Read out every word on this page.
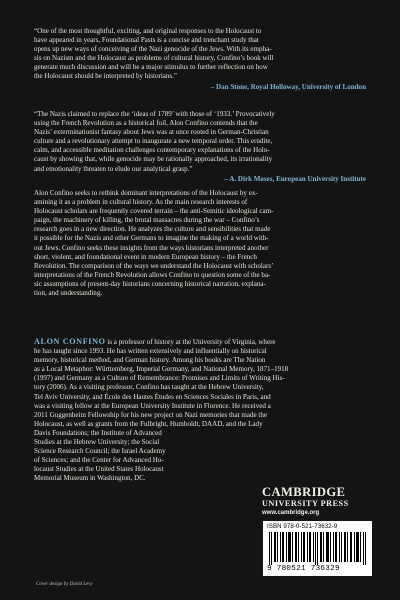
“One of the most thoughtful, exciting, and original responses to the Holocaust to

have appeared in years, Foundational Pasts is a concise and trenchant study that

opens up new ways of conceiving of the Nazi genocide of the Jews. With its empha-

sis on Nazism and the Holocaust as problems of cultural history, Confino’s book will

generate much discussion and will be a major stimulus to further reflection on how

the Holocaust should be interpreted by historians.”

– Dan Stone, Royal Holloway, University of London

“The Nazis claimed to replace the ‘ideas of 1789’ with those of ‘1933.’ Provocatively

using the French Revolution as a historical foil, Alon Confino contends that the

Nazis’ exterminationist fantasy about Jews was at once rooted in German-Christian

culture and a revolutionary attempt to inaugurate a new temporal order. This erudite,

calm, and accessible meditation challenges contemporary explanations of the Holo-

caust by showing that, while genocide may be rationally approached, its irrationality

and emotionality threaten to elude our analytical grasp.”

– A. Dirk Moses, European University Institute

Alon Confino seeks to rethink dominant interpretations of the Holocaust by ex-

amining it as a problem in cultural history. As the main research interests of

Holocaust scholars are frequently covered terrain – the anti-Semitic ideological cam-

paign, the machinery of killing, the brutal massacres during the war – Confino’s

research goes in a new direction. He analyzes the culture and sensibilities that made

it possible for the Nazis and other Germans to imagine the making of a world with-

out Jews. Confino seeks these insights from the ways historians interpreted another

short, violent, and foundational event in modern European history – the French

Revolution. The comparison of the ways we understand the Holocaust with scholars’

interpretations of the French Revolution allows Confino to question some of the ba-

sic assumptions of present-day historians concerning historical narration, explana-

tion, and understanding.

ALON CONFINO is a professor of history at the University of Virginia, where

he has taught since 1993. He has written extensively and influentially on historical

memory, historical method, and German history. Among his books are The Nation

as a Local Metaphor: Württemberg, Imperial Germany, and National Memory, 1871–1918

(1997) and Germany as a Culture of Remembrance: Promises and Limits of Writing His-

tory (2006). As a visiting professor, Confino has taught at the Hebrew University,

Tel Aviv University, and École des Hautes Études en Sciences Sociales in Paris, and

was a visiting fellow at the European University Institute in Florence. He received a

2011 Guggenheim Fellowship for his new project on Nazi memories that made the

Holocaust, as well as grants from the Fulbright, Humboldt, DAAD, and the Lady

Davis Foundations; the Institute of Advanced

Studies at the Hebrew University; the Social

Science Research Council; the Israel Academy

of Sciences; and the Center for Advanced Ho-

locaust Studies at the United States Holocaust

Memorial Museum in Washington, DC.

CAMBRIDGE
UNIVERSITY PRESS
www.cambridge.org
ISBN 978-0-521-73632-9
9 780521 736329
Cover design by David Levy
